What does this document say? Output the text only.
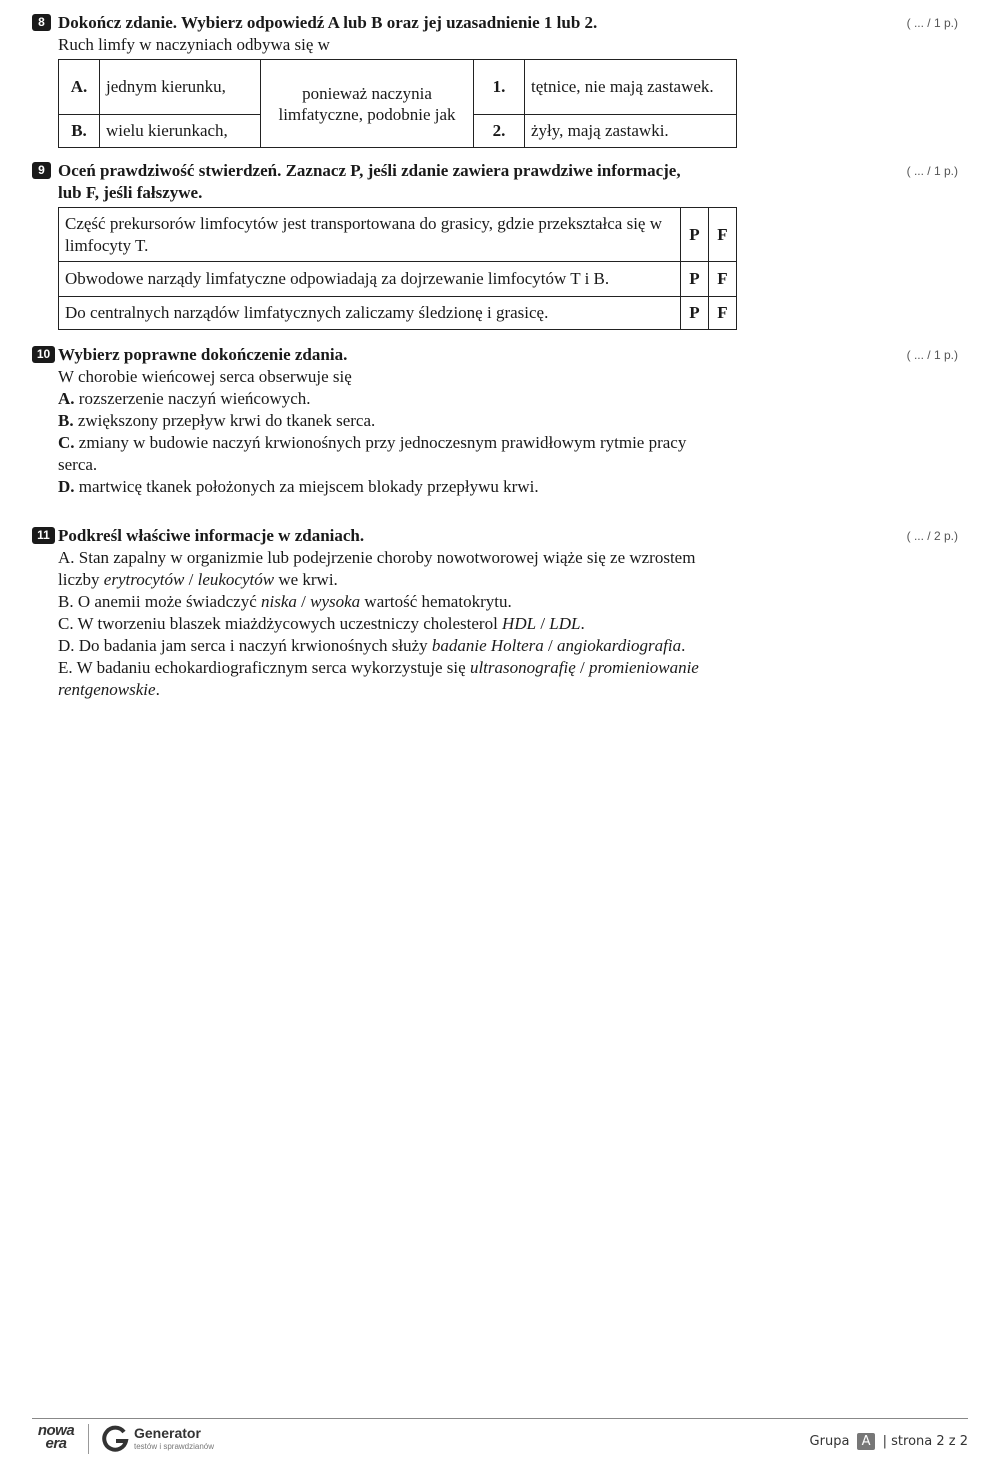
8 Dokończ zdanie. Wybierz odpowiedź A lub B oraz jej uzasadnienie 1 lub 2.	( ... / 1 p.)
Ruch limfy w naczyniach odbywa się w
A.	jednym kierunku,	ponieważ naczynia limfatyczne, podobnie jak	1.	tętnice, nie mają zastawek.
B.	wielu kierunkach,		2.	żyły, mają zastawki.
9 Oceń prawdziwość stwierdzeń. Zaznacz P, jeśli zdanie zawiera prawdziwe informacje, lub F, jeśli fałszywe.
( ... / 1 p.)
Część prekursorów limfocytów jest transportowana do grasicy, gdzie przekształca się w limfocyty T.	P	F
Obwodowe narządy limfatyczne odpowiadają za dojrzewanie limfocytów T i B.	P	F
Do centralnych narządów limfatycznych zaliczamy śledzionę i grasicę.	P	F
10 Wybierz poprawne dokończenie zdania.	( ... / 1 p.)
W chorobie wieńcowej serca obserwuje się
A. rozszerzenie naczyń wieńcowych.
B. zwiększony przepływ krwi do tkanek serca.
C. zmiany w budowie naczyń krwionośnych przy jednoczesnym prawidłowym rytmie pracy serca.
D. martwicę tkanek położonych za miejscem blokady przepływu krwi.
11 Podkreśl właściwe informacje w zdaniach.	( ... / 2 p.)
A. Stan zapalny w organizmie lub podejrzenie choroby nowotworowej wiąże się ze wzrostem liczby erytrocytów / leukocytów we krwi.
B. O anemii może świadczyć niska / wysoka wartość hematokrytu.
C. W tworzeniu blaszek miażdżycowych uczestniczy cholesterol HDL / LDL.
D. Do badania jam serca i naczyń krwionośnych służy badanie Holtera / angiokardiografia.
E. W badaniu echokardiograficznym serca wykorzystuje się ultrasonografię / promieniowanie rentgenowskie.
nowa
era
Generator
testów i sprawdzianów	Grupa A | strona 2 z 2
